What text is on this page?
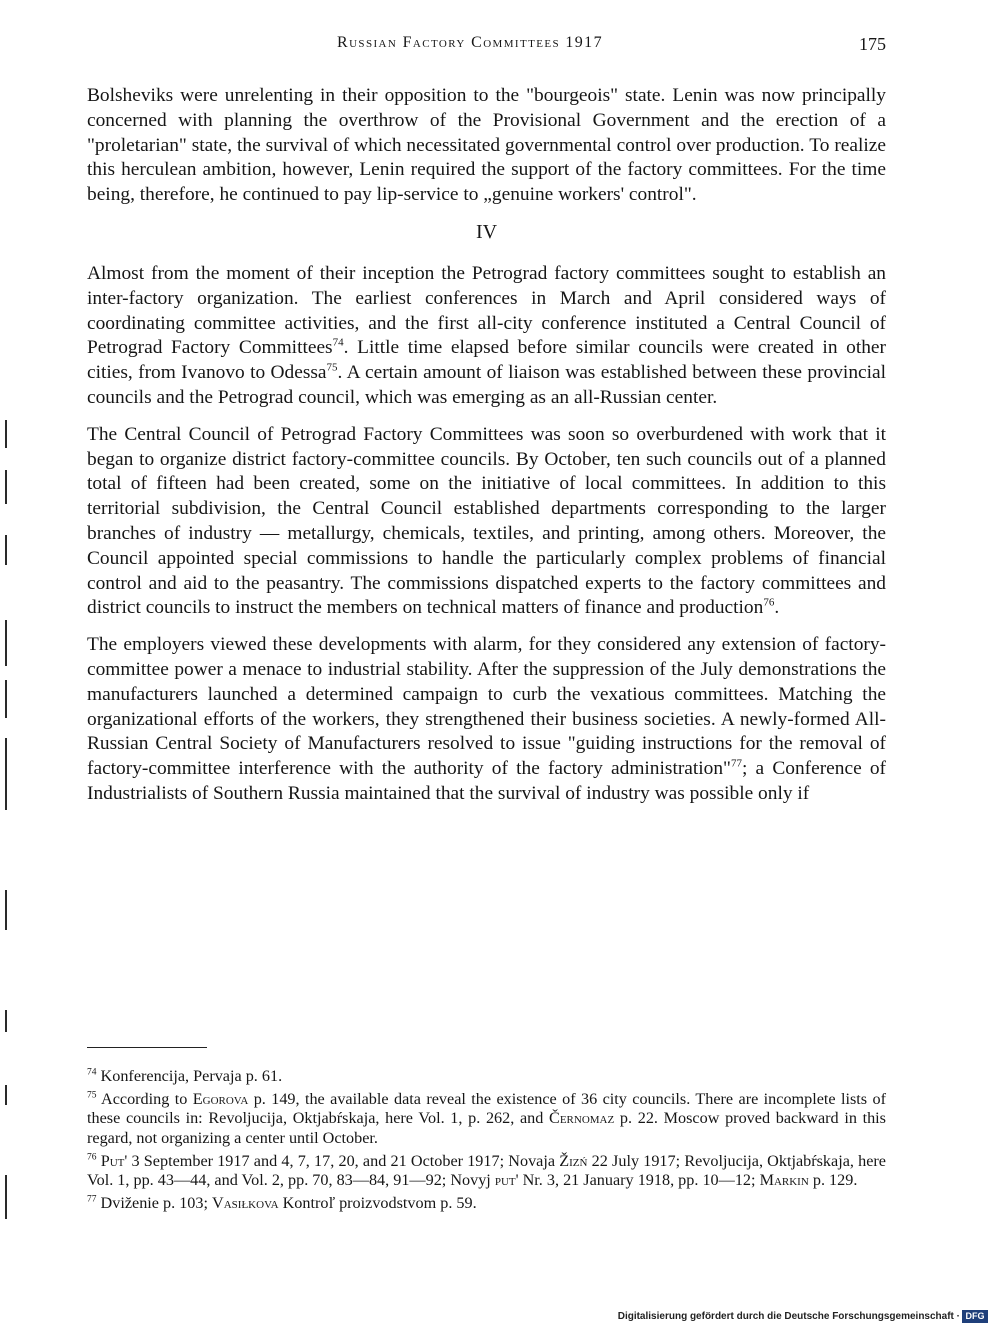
Russian Factory Committees 1917	175

Bolsheviks were unrelenting in their opposition to the "bourgeois" state. Lenin was now principally concerned with planning the overthrow of the Provisional Government and the erection of a "proletarian" state, the survival of which necessitated governmental control over production. To realize this herculean ambition, however, Lenin required the support of the factory committees. For the time being, therefore, he continued to pay lip-service to „genuine workers' control".

IV

Almost from the moment of their inception the Petrograd factory committees sought to establish an inter-factory organization. The earliest conferences in March and April considered ways of coordinating committee activities, and the first all-city conference instituted a Central Council of Petrograd Factory Committees$^{74}$. Little time elapsed before similar councils were created in other cities, from Ivanovo to Odessa$^{75}$. A certain amount of liaison was established between these provincial councils and the Petrograd council, which was emerging as an all-Russian center.

The Central Council of Petrograd Factory Committees was soon so overburdened with work that it began to organize district factory-committee councils. By October, ten such councils out of a planned total of fifteen had been created, some on the initiative of local committees. In addition to this territorial subdivision, the Central Council established departments corresponding to the larger branches of industry — metallurgy, chemicals, textiles, and printing, among others. Moreover, the Council appointed special commissions to handle the particularly complex problems of financial control and aid to the peasantry. The commissions dispatched experts to the factory committees and district councils to instruct the members on technical matters of finance and production$^{76}$.

The employers viewed these developments with alarm, for they considered any extension of factory-committee power a menace to industrial stability. After the suppression of the July demonstrations the manufacturers launched a determined campaign to curb the vexatious committees. Matching the organizational efforts of the workers, they strengthened their business societies. A newly-formed All-Russian Central Society of Manufacturers resolved to issue "guiding instructions for the removal of factory-committee interference with the authority of the factory administration"$^{77}$; a Conference of Industrialists of Southern Russia maintained that the survival of industry was possible only if

$^{74}$ Konferencija, Pervaja p. 61.

$^{75}$ According to Egorova p. 149, the available data reveal the existence of 36 city councils. There are incomplete lists of these councils in: Revoljucija, Oktjabŕskaja, here Vol. 1, p. 262, and Černomaz p. 22. Moscow proved backward in this regard, not organizing a center until October.

$^{76}$ Put' 3 September 1917 and 4, 7, 17, 20, and 21 October 1917; Novaja Žizń 22 July 1917; Revoljucija, Oktjabŕskaja, here Vol. 1, pp. 43—44, and Vol. 2, pp. 70, 83—84, 91—92; Novyj put' Nr. 3, 21 January 1918, pp. 10—12; Markin p. 129.

$^{77}$ Dviženie p. 103; Vasiłkova Kontroľ proizvodstvom p. 59.

Digitalisierung gefördert durch die Deutsche Forschungsgemeinschaft · DFG
